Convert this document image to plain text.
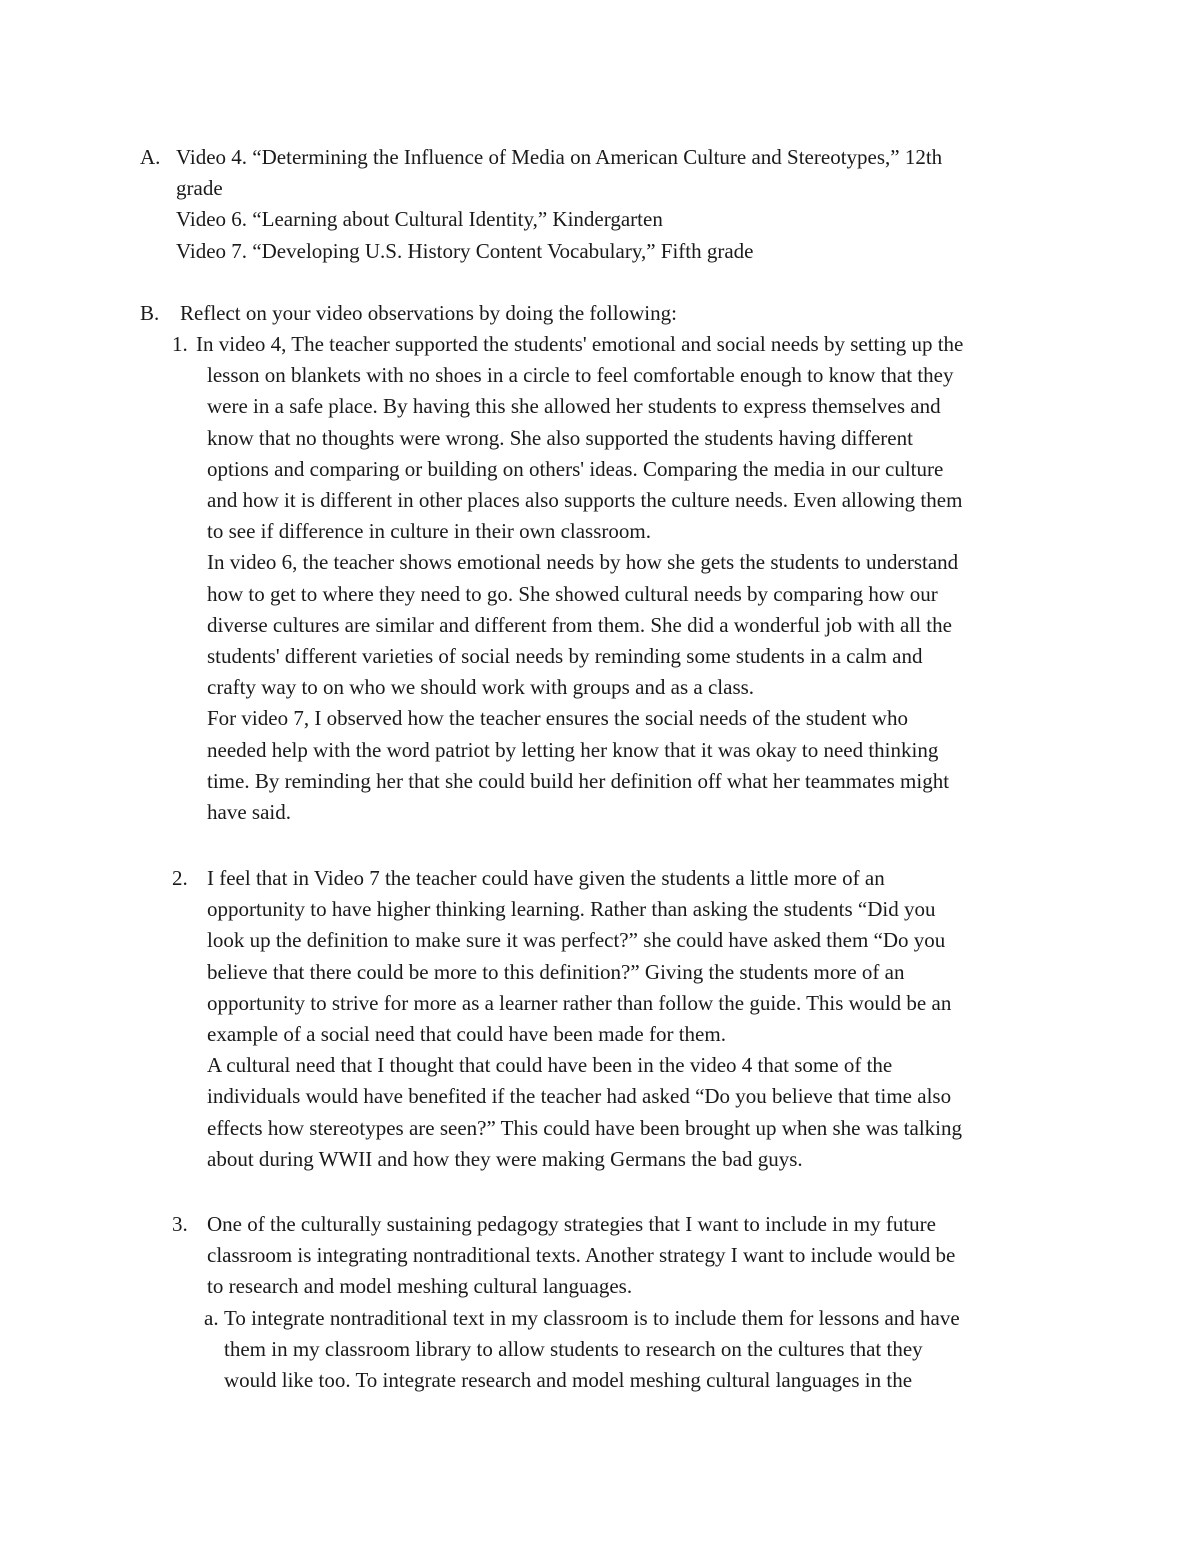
A. Video 4. “Determining the Influence of Media on American Culture and Stereotypes,” 12th
grade
Video 6. “Learning about Cultural Identity,” Kindergarten
Video 7. “Developing U.S. History Content Vocabulary,” Fifth grade
B. Reflect on your video observations by doing the following:
1. In video 4, The teacher supported the students' emotional and social needs by setting up the
lesson on blankets with no shoes in a circle to feel comfortable enough to know that they
were in a safe place. By having this she allowed her students to express themselves and
know that no thoughts were wrong. She also supported the students having different
options and comparing or building on others' ideas. Comparing the media in our culture
and how it is different in other places also supports the culture needs. Even allowing them
to see if difference in culture in their own classroom.
In video 6, the teacher shows emotional needs by how she gets the students to understand
how to get to where they need to go. She showed cultural needs by comparing how our
diverse cultures are similar and different from them. She did a wonderful job with all the
students' different varieties of social needs by reminding some students in a calm and
crafty way to on who we should work with groups and as a class.
For video 7, I observed how the teacher ensures the social needs of the student who
needed help with the word patriot by letting her know that it was okay to need thinking
time. By reminding her that she could build her definition off what her teammates might
have said.
2. I feel that in Video 7 the teacher could have given the students a little more of an
opportunity to have higher thinking learning. Rather than asking the students “Did you
look up the definition to make sure it was perfect?” she could have asked them “Do you
believe that there could be more to this definition?” Giving the students more of an
opportunity to strive for more as a learner rather than follow the guide. This would be an
example of a social need that could have been made for them.
A cultural need that I thought that could have been in the video 4 that some of the
individuals would have benefited if the teacher had asked “Do you believe that time also
effects how stereotypes are seen?” This could have been brought up when she was talking
about during WWII and how they were making Germans the bad guys.
3. One of the culturally sustaining pedagogy strategies that I want to include in my future
classroom is integrating nontraditional texts. Another strategy I want to include would be
to research and model meshing cultural languages.
a. To integrate nontraditional text in my classroom is to include them for lessons and have
them in my classroom library to allow students to research on the cultures that they
would like too. To integrate research and model meshing cultural languages in the
